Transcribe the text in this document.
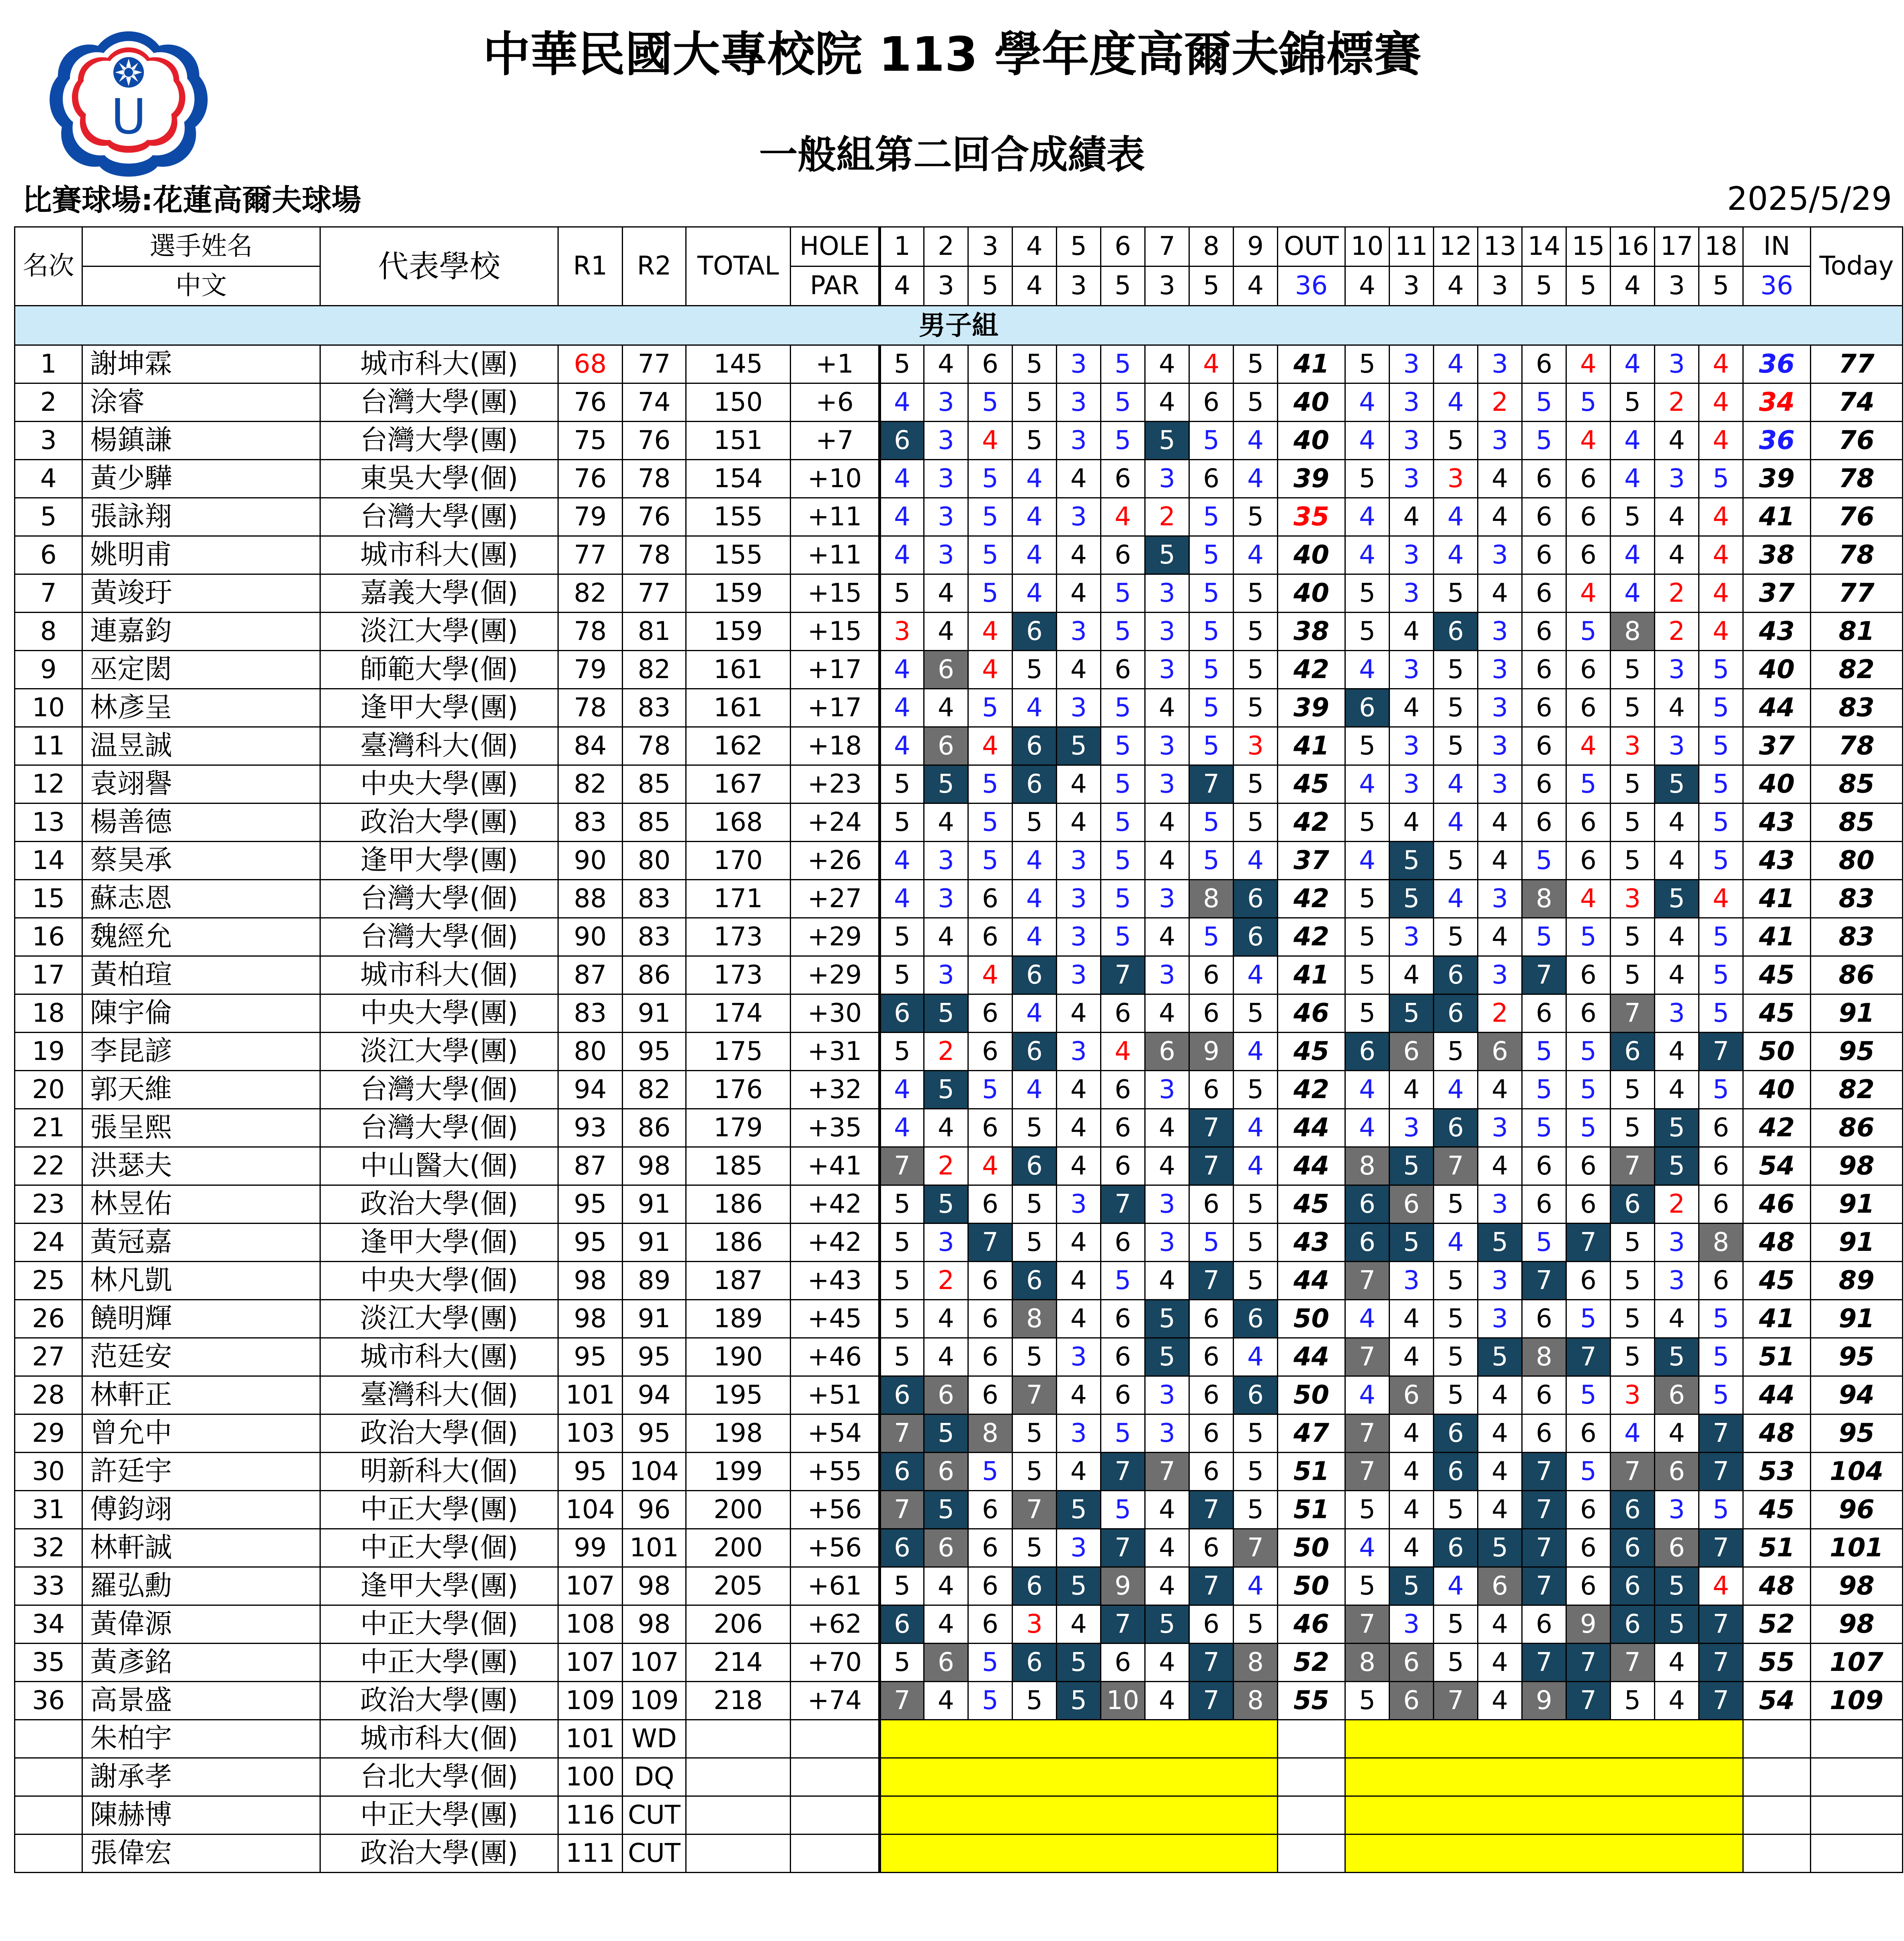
U
中華民國大專校院 113 學年度高爾夫錦標賽
一般組第二回合成績表
比賽球場:花蓮高爾夫球場	2025/5/29
名次	選手姓名	代表學校	R1	R2	TOTAL	HOLE	1	2	3	4	5	6	7	8	9	OUT	10	11	12	13	14	15	16	17	18	IN	Today
	中文					PAR	4	3	5	4	3	5	3	5	4	36	4	3	4	3	5	5	4	3	5	36	
男子組																											
1	謝坤霖	城市科大(團)	68	77	145	+1	5	4	6	5	3	5	4	4	5	41	5	3	4	3	6	4	4	3	4	36	77
2	涂睿	台灣大學(團)	76	74	150	+6	4	3	5	5	3	5	4	6	5	40	4	3	4	2	5	5	5	2	4	34	74
3	楊鎮謙	台灣大學(團)	75	76	151	+7	6	3	4	5	3	5	5	5	4	40	4	3	5	3	5	4	4	4	4	36	76
4	黃少驊	東吳大學(個)	76	78	154	+10	4	3	5	4	4	6	3	6	4	39	5	3	3	4	6	6	4	3	5	39	78
5	張詠翔	台灣大學(團)	79	76	155	+11	4	3	5	4	3	4	2	5	5	35	4	4	4	4	6	6	5	4	4	41	76
6	姚明甫	城市科大(團)	77	78	155	+11	4	3	5	4	4	6	5	5	4	40	4	3	4	3	6	6	4	4	4	38	78
7	黃竣玗	嘉義大學(個)	82	77	159	+15	5	4	5	4	4	5	3	5	5	40	5	3	5	4	6	4	4	2	4	37	77
8	連嘉鈞	淡江大學(團)	78	81	159	+15	3	4	4	6	3	5	3	5	5	38	5	4	6	3	6	5	8	2	4	43	81
9	巫定閎	師範大學(個)	79	82	161	+17	4	6	4	5	4	6	3	5	5	42	4	3	5	3	6	6	5	3	5	40	82
10	林彥呈	逢甲大學(團)	78	83	161	+17	4	4	5	4	3	5	4	5	5	39	6	4	5	3	6	6	5	4	5	44	83
11	温昱誠	臺灣科大(個)	84	78	162	+18	4	6	4	6	5	5	3	5	3	41	5	3	5	3	6	4	3	3	5	37	78
12	袁翊譽	中央大學(團)	82	85	167	+23	5	5	5	6	4	5	3	7	5	45	4	3	4	3	6	5	5	5	5	40	85
13	楊善德	政治大學(團)	83	85	168	+24	5	4	5	5	4	5	4	5	5	42	5	4	4	4	6	6	5	4	5	43	85
14	蔡昊承	逢甲大學(團)	90	80	170	+26	4	3	5	4	3	5	4	5	4	37	4	5	5	4	5	6	5	4	5	43	80
15	蘇志恩	台灣大學(個)	88	83	171	+27	4	3	6	4	3	5	3	8	6	42	5	5	4	3	8	4	3	5	4	41	83
16	魏經允	台灣大學(個)	90	83	173	+29	5	4	6	4	3	5	4	5	6	42	5	3	5	4	5	5	5	4	5	41	83
17	黃柏瑄	城市科大(個)	87	86	173	+29	5	3	4	6	3	7	3	6	4	41	5	4	6	3	7	6	5	4	5	45	86
18	陳宇倫	中央大學(團)	83	91	174	+30	6	5	6	4	4	6	4	6	5	46	5	5	6	2	6	6	7	3	5	45	91
19	李昆諺	淡江大學(團)	80	95	175	+31	5	2	6	6	3	4	6	9	4	45	6	6	5	6	5	5	6	4	7	50	95
20	郭天維	台灣大學(個)	94	82	176	+32	4	5	5	4	4	6	3	6	5	42	4	4	4	4	5	5	5	4	5	40	82
21	張呈熙	台灣大學(個)	93	86	179	+35	4	4	6	5	4	6	4	7	4	44	4	3	6	3	5	5	5	5	6	42	86
22	洪瑟夫	中山醫大(個)	87	98	185	+41	7	2	4	6	4	6	4	7	4	44	8	5	7	4	6	6	7	5	6	54	98
23	林昱佑	政治大學(個)	95	91	186	+42	5	5	6	5	3	7	3	6	5	45	6	6	5	3	6	6	6	2	6	46	91
24	黃冠嘉	逢甲大學(個)	95	91	186	+42	5	3	7	5	4	6	3	5	5	43	6	5	4	5	5	7	5	3	8	48	91
25	林凡凱	中央大學(個)	98	89	187	+43	5	2	6	6	4	5	4	7	5	44	7	3	5	3	7	6	5	3	6	45	89
26	饒明輝	淡江大學(團)	98	91	189	+45	5	4	6	8	4	6	5	6	6	50	4	4	5	3	6	5	5	4	5	41	91
27	范廷安	城市科大(團)	95	95	190	+46	5	4	6	5	3	6	5	6	4	44	7	4	5	5	8	7	5	5	5	51	95
28	林軒正	臺灣科大(個)	101	94	195	+51	6	6	6	7	4	6	3	6	6	50	4	6	5	4	6	5	3	6	5	44	94
29	曾允中	政治大學(個)	103	95	198	+54	7	5	8	5	3	5	3	6	5	47	7	4	6	4	6	6	4	4	7	48	95
30	許廷宇	明新科大(個)	95	104	199	+55	6	6	5	5	4	7	7	6	5	51	7	4	6	4	7	5	7	6	7	53	104
31	傅鈞翊	中正大學(團)	104	96	200	+56	7	5	6	7	5	5	4	7	5	51	5	4	5	4	7	6	6	3	5	45	96
32	林軒誠	中正大學(個)	99	101	200	+56	6	6	6	5	3	7	4	6	7	50	4	4	6	5	7	6	6	6	7	51	101
33	羅弘勳	逢甲大學(團)	107	98	205	+61	5	4	6	6	5	9	4	7	4	50	5	5	4	6	7	6	6	5	4	48	98
34	黃偉源	中正大學(個)	108	98	206	+62	6	4	6	3	4	7	5	6	5	46	7	3	5	4	6	9	6	5	7	52	98
35	黃彥銘	中正大學(團)	107	107	214	+70	5	6	5	6	5	6	4	7	8	52	8	6	5	4	7	7	7	4	7	55	107
36	高景盛	政治大學(團)	109	109	218	+74	7	4	5	5	5	10	4	7	8	55	5	6	7	4	9	7	5	4	7	54	109
	朱柏宇	城市科大(個)	101	WD																							
	謝承孝	台北大學(個)	100	DQ																							
	陳赫博	中正大學(團)	116	CUT																							
	張偉宏	政治大學(團)	111	CUT																							
